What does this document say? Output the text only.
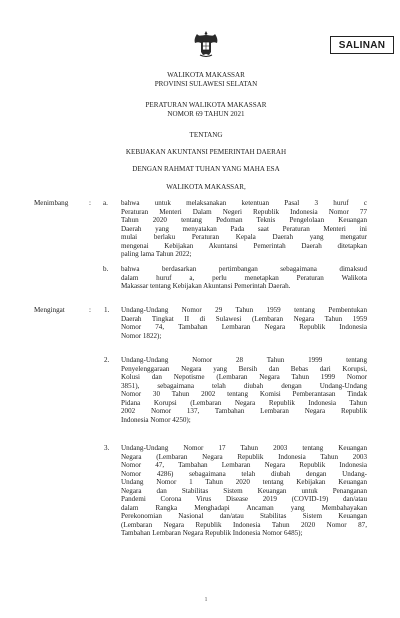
SALINAN
WALIKOTA MAKASSAR
PROVINSI SULAWESI SELATAN
PERATURAN WALIKOTA MAKASSAR
NOMOR 69 TAHUN 2021
TENTANG
KEBIJAKAN AKUNTANSI PEMERINTAH DAERAH
DENGAN RAHMAT TUHAN YANG MAHA ESA
WALIKOTA MAKASSAR,
Menimbang	: a. bahwa untuk melaksanakan ketentuan Pasal 3 huruf c
Peraturan Menteri Dalam Negeri Republik Indonesia Nomor 77
Tahun 2020 tentang Pedoman Teknis Pengelolaan Keuangan
Daerah yang menyatakan Pada saat Peraturan Menteri ini
mulai berlaku Peraturan Kepala Daerah yang mengatur
mengenai Kebijakan Akuntansi Pemerintah Daerah ditetapkan
paling lama Tahun 2022;
b. bahwa berdasarkan pertimbangan sebagaimana dimaksud
dalam huruf a, perlu menetapkan Peraturan Walikota
Makassar tentang Kebijakan Akuntansi Pemerintah Daerah.
Mengingat	: 1. Undang-Undang Nomor 29 Tahun 1959 tentang Pembentukan
Daerah Tingkat II di Sulawesi (Lembaran Negara Tahun 1959
Nomor 74, Tambahan Lembaran Negara Republik Indonesia
Nomor 1822);
2. Undang-Undang Nomor 28 Tahun 1999 tentang
Penyelenggaraan Negara yang Bersih dan Bebas dari Korupsi,
Kolusi dan Nepotisme (Lembaran Negara Tahun 1999 Nomor
3851), sebagaimana telah diubah dengan Undang-Undang
Nomor 30 Tahun 2002 tentang Komisi Pemberantasan Tindak
Pidana Korupsi (Lembaran Negara Republik Indonesia Tahun
2002 Nomor 137, Tambahan Lembaran Negara Republik
Indonesia Nomor 4250);
3. Undang-Undang Nomor 17 Tahun 2003 tentang Keuangan
Negara (Lembaran Negara Republik Indonesia Tahun 2003
Nomor 47, Tambahan Lembaran Negara Republik Indonesia
Nomor 4286) sebagaimana telah diubah dengan Undang-
Undang Nomor 1 Tahun 2020 tentang Kebijakan Keuangan
Negara dan Stabilitas Sistem Keuangan untuk Penanganan
Pandemi Corona Virus Disease 2019 (COVID-19) dan/atau
dalam Rangka Menghadapi Ancaman yang Membahayakan
Perekonomian Nasional dan/atau Stabilitas Sistem Keuangan
(Lembaran Negara Republik Indonesia Tahun 2020 Nomor 87,
Tambahan Lembaran Negara Republik Indonesia Nomor 6485);
1
